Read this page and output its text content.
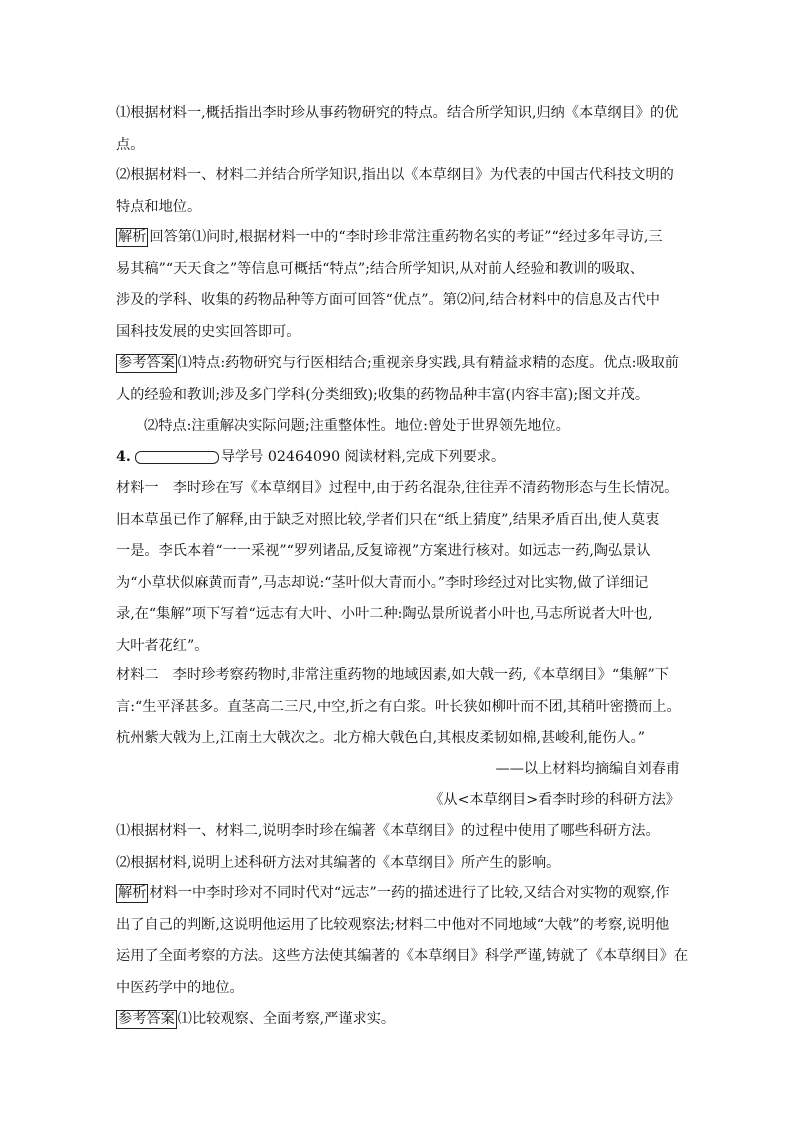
⑴根据材料一,概括指出李时珍从事药物研究的特点。结合所学知识,归纳《本草纲目》的优
点。
⑵根据材料一、材料二并结合所学知识,指出以《本草纲目》为代表的中国古代科技文明的
特点和地位。
解析 回答第⑴问时,根据材料一中的“李时珍非常注重药物名实的考证”“经过多年寻访,三
易其稿”“天天食之”等信息可概括“特点”;结合所学知识,从对前人经验和教训的吸取、
涉及的学科、收集的药物品种等方面可回答“优点”。第⑵问,结合材料中的信息及古代中
国科技发展的史实回答即可。
参考答案 ⑴特点:药物研究与行医相结合;重视亲身实践,具有精益求精的态度。优点:吸取前
人的经验和教训;涉及多门学科(分类细致);收集的药物品种丰富(内容丰富);图文并茂。
⑵特点:注重解决实际问题;注重整体性。地位:曾处于世界领先地位。
4.	导学号 02464090 阅读材料,完成下列要求。
材料一　李时珍在写《本草纲目》过程中,由于药名混杂,往往弄不清药物形态与生长情况。
旧本草虽已作了解释,由于缺乏对照比较,学者们只在“纸上猜度”,结果矛盾百出,使人莫衷
一是。李氏本着“一一采视”“罗列诸品,反复谛视”方案进行核对。如远志一药,陶弘景认
为“小草状似麻黄而青”,马志却说:“茎叶似大青而小。”李时珍经过对比实物,做了详细记
录,在“集解”项下写着“远志有大叶、小叶二种:陶弘景所说者小叶也,马志所说者大叶也,
大叶者花红”。
材料二　李时珍考察药物时,非常注重药物的地域因素,如大戟一药,《本草纲目》“集解”下
言:“生平泽甚多。直茎高二三尺,中空,折之有白浆。叶长狭如柳叶而不团,其稍叶密攒而上。
杭州紫大戟为上,江南土大戟次之。北方棉大戟色白,其根皮柔韧如棉,甚峻利,能伤人。”
——以上材料均摘编自刘春甫
《从<本草纲目>看李时珍的科研方法》
⑴根据材料一、材料二,说明李时珍在编著《本草纲目》的过程中使用了哪些科研方法。
⑵根据材料,说明上述科研方法对其编著的《本草纲目》所产生的影响。
解析 材料一中李时珍对不同时代对“远志”一药的描述进行了比较,又结合对实物的观察,作
出了自己的判断,这说明他运用了比较观察法;材料二中他对不同地域“大戟”的考察,说明他
运用了全面考察的方法。这些方法使其编著的《本草纲目》科学严谨,铸就了《本草纲目》在
中医药学中的地位。
参考答案 ⑴比较观察、全面考察,严谨求实。
